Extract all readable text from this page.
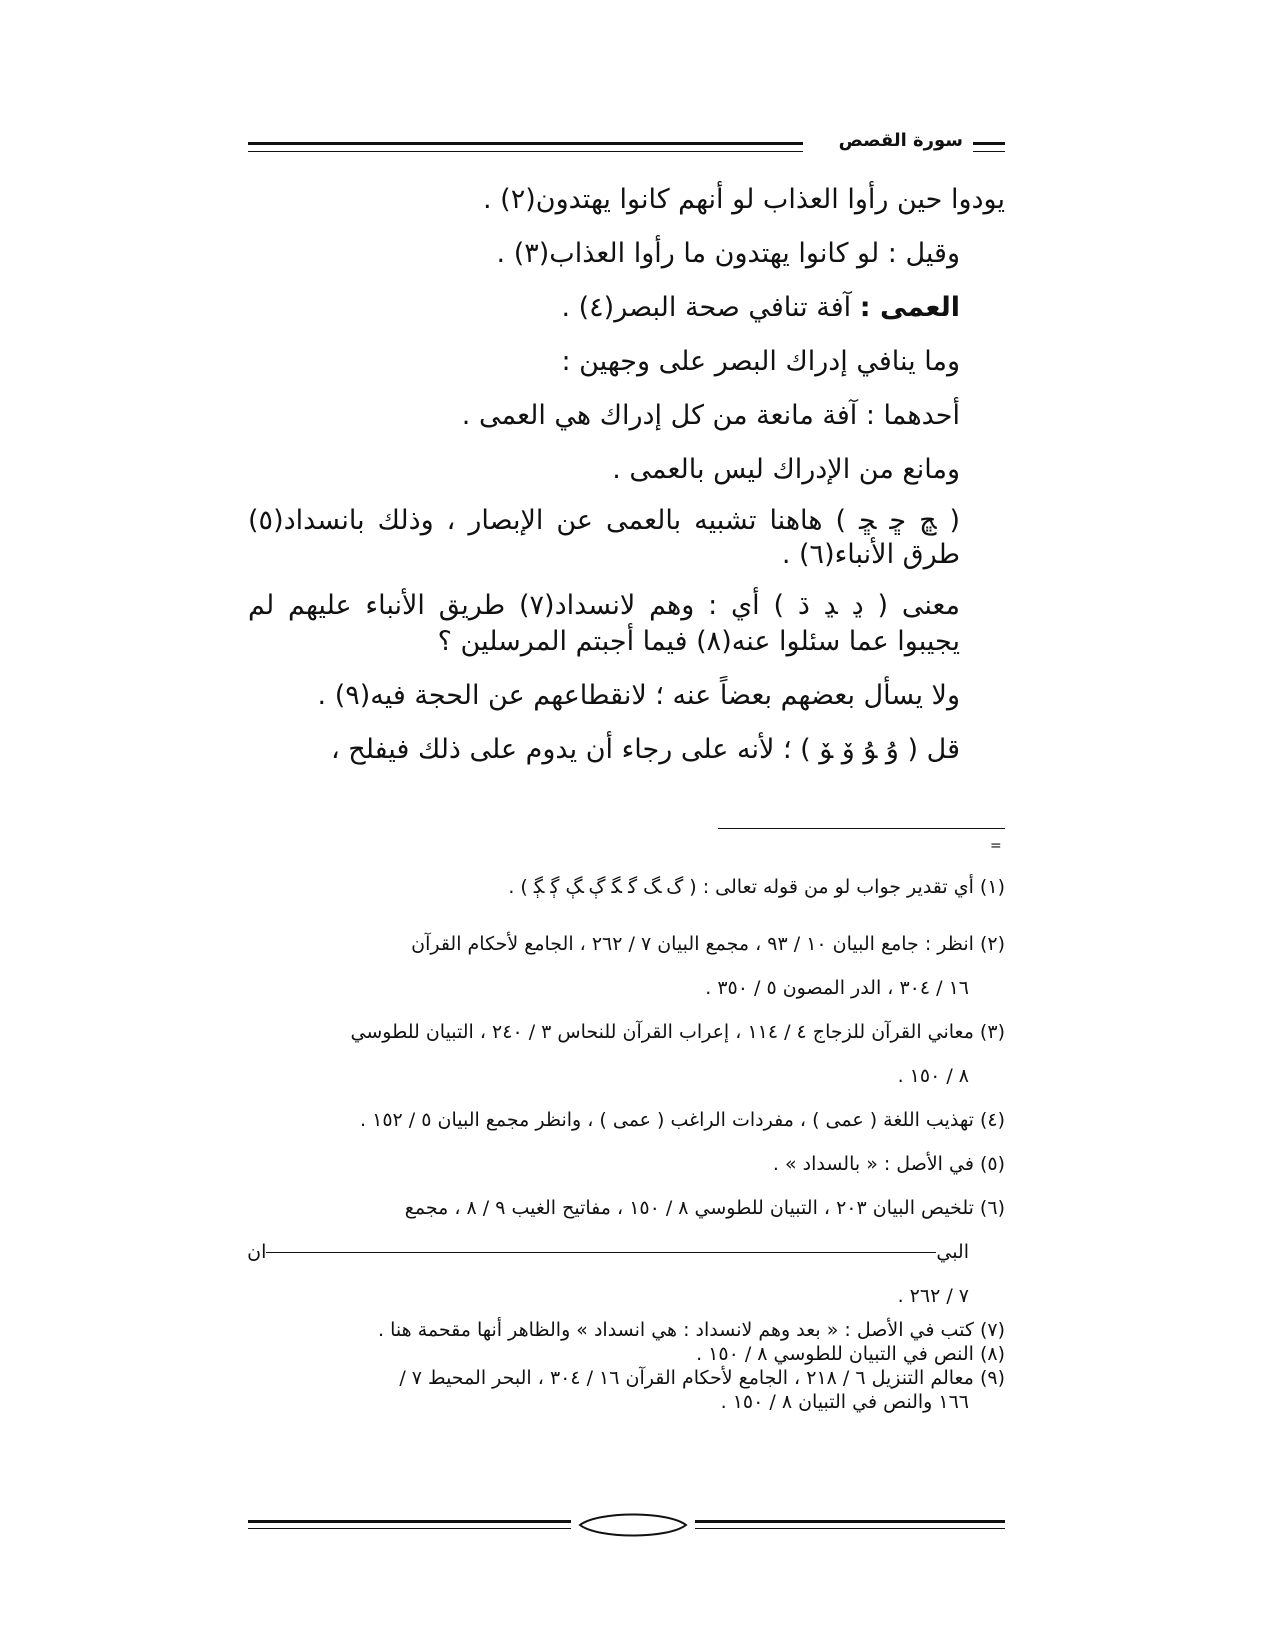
سورة القصص

يودوا حين رأوا العذاب لو أنهم كانوا يهتدون(٢) .

وقيل : لو كانوا يهتدون ما رأوا العذاب(٣) .

العمى : آفة تنافي صحة البصر(٤) .

وما ينافي إدراك البصر على وجهين :

أحدهما : آفة مانعة من كل إدراك هي العمى .

ومانع من الإدراك ليس بالعمى .

( ﭿ ﮀ ﮁ ) هاهنا تشبيه بالعمى عن الإبصار ، وذلك بانسداد(٥) طرق الأنباء(٦) .

معنى ( ﮂ ﮃ ﮄ ) أي : وهم لانسداد(٧) طريق الأنباء عليهم لم يجيبوا عما سئلوا عنه(٨) فيما أجبتم المرسلين ؟

ولا يسأل بعضهم بعضاً عنه ؛ لانقطاعهم عن الحجة فيه(٩) .

قل ( ﯗ ﯘ ﯙ ﯚ ) ؛ لأنه على رجاء أن يدوم على ذلك فيفلح ،

=

(١) أي تقدير جواب لو من قوله تعالى : ( ﮒ ﮓ ﮔ ﮕ ﮖ ﮗ ﮘ ﮙ ) .

(٢) انظر : جامع البيان ١٠ / ٩٣ ، مجمع البيان ٧ / ٢٦٢ ، الجامع لأحكام القرآن

١٦ / ٣٠٤ ، الدر المصون ٥ / ٣٥٠ .

(٣) معاني القرآن للزجاج ٤ / ١١٤ ، إعراب القرآن للنحاس ٣ / ٢٤٠ ، التبيان للطوسي

٨ / ١٥٠ .

(٤) تهذيب اللغة ( عمى ) ، مفردات الراغب ( عمى ) ، وانظر مجمع البيان ٥ / ١٥٢ .

(٥) في الأصل : « بالسداد » .

(٦) تلخيص البيان ٢٠٣ ، التبيان للطوسي ٨ / ١٥٠ ، مفاتيح الغيب ٩ / ٨ ، مجمع

البيان

٧ / ٢٦٢ .

(٧) كتب في الأصل : « بعد وهم لانسداد : هي انسداد » والظاهر أنها مقحمة هنا .

(٨) النص في التبيان للطوسي ٨ / ١٥٠ .

(٩) معالم التنزيل ٦ / ٢١٨ ، الجامع لأحكام القرآن ١٦ / ٣٠٤ ، البحر المحيط ٧ /

١٦٦ والنص في التبيان ٨ / ١٥٠ .
